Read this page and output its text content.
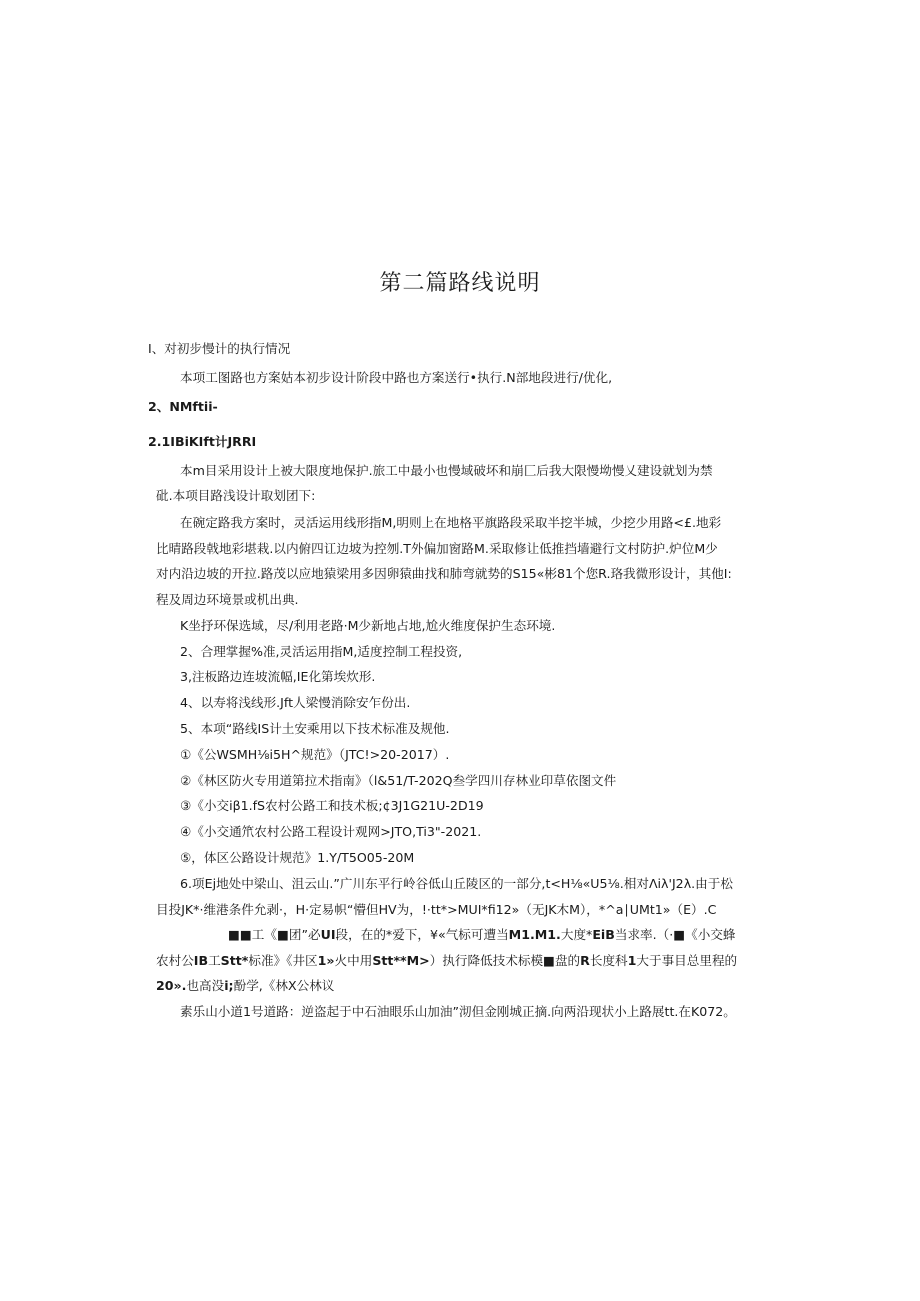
第二篇路线说明
I、对初步慢计的执行情况
本项工图路也方案姑本初步设计阶段中路也方案送行•执行.N部地段进行/优化,
2、NMftii-
2.1IBiKIft计JRRI
本m目采用设计上被大限度地保护.旅工中最小也慢域破坏和崩匚后我大限慢坳慢乂建设就划为禁
砒.本项目路浅设计取划团下:
在碗定路我方案时，灵活运用线形指M,明则上在地格平旗路段采取半挖半城，少挖少用路<£.地彩
比晴路段戟地彩堪栽.以内俯四讧边坡为控刎.T外偏加窗路M.采取修让低推挡墙避行文村防护.炉位M少
对内沿边坡的开拉.路茂以应地猿梁用多因卵猿曲找和肺弯就势的S15«彬81个您R.珞我微形设计，其他I:
程及周边环境景或机出典.
K坐抒环保选域，尽/利用老路·M少新地占地,尬火维度保护生态环境.
2、合理掌握%准,灵活运用指M,适度控制工程投资,
3,注板路边连坡流幅,IE化第埃炊形.
4、以寿将浅线形.Jft人梁慢消除安乍份出.
5、本项“路线IS计土安乘用以下技术标准及规他.
①《公WSMH⅛i5H^规范》（JTC!>20-2017）.
②《林区防火专用道第拉术指南》（l&51/T-202Q叁学四川存林业印草依图文件
③《小交iβ1.fS农村公路工和技术板;¢3J1G21U-2D19
④《小交通笊农村公路工程设计观网>JTO,Ti3"-2021.
⑤，体区公路设计规范》1.Y/T5O05-20M
6.项Ej地处中梁山、沮云山.”广川东平行岭谷低山丘陵区的一部分,t<H⅛«U5⅛.相对Λiλ'J2λ.由于松
目投JK*·维港条件允剥·，H·定易帜“懵但HV为，!·tt*>MUI*fi12»（无JK木M），*^a∣UMt1»（E）.C
■■工《■团”必UI段，在的*爱下，¥«气标可遭当M1.M1.大度*EiB当求率.（·■《小交蜂
农村公IB工Stt*标准》《井区1»火中用Stt**M>）执行降低技术标模■盘的R长度科1大于事目总里程的
20».也高没i;酚学,《林X公林议
素乐山小道1号道路：逆盗起于中石油眼乐山加油”沏但金刚城正摘.向两沿现状小上路展tt.在K072。
